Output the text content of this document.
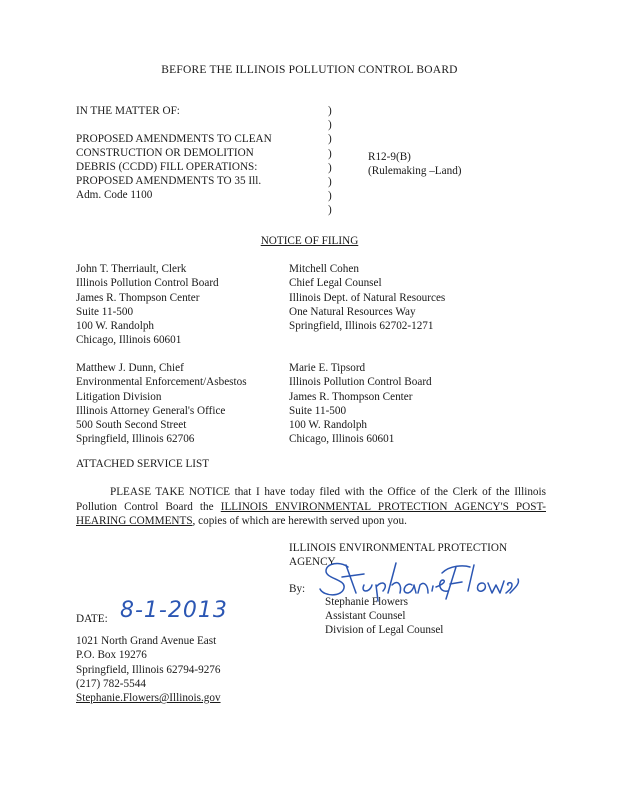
BEFORE THE ILLINOIS POLLUTION CONTROL BOARD
IN THE MATTER OF:
PROPOSED AMENDMENTS TO CLEAN
CONSTRUCTION OR DEMOLITION
DEBRIS (CCDD) FILL OPERATIONS:
PROPOSED AMENDMENTS TO 35 Ill.
Adm. Code 1100
)
)
)
)
)
)
)
)
R12-9(B)
(Rulemaking –Land)
NOTICE OF FILING
John T. Therriault, Clerk
Illinois Pollution Control Board
James R. Thompson Center
Suite 11-500
100 W. Randolph
Chicago, Illinois 60601
Mitchell Cohen
Chief Legal Counsel
Illinois Dept. of Natural Resources
One Natural Resources Way
Springfield, Illinois 62702-1271
Matthew J. Dunn, Chief
Environmental Enforcement/Asbestos
Litigation Division
Illinois Attorney General's Office
500 South Second Street
Springfield, Illinois 62706
Marie E. Tipsord
Illinois Pollution Control Board
James R. Thompson Center
Suite 11-500
100 W. Randolph
Chicago, Illinois 60601
ATTACHED SERVICE LIST
PLEASE TAKE NOTICE that I have today filed with the Office of the Clerk of the Illinois Pollution Control Board the ILLINOIS ENVIRONMENTAL PROTECTION AGENCY'S POST-HEARING COMMENTS, copies of which are herewith served upon you.
ILLINOIS ENVIRONMENTAL PROTECTION
AGENCY
By:
Stephanie Flowers
Assistant Counsel
Division of Legal Counsel
DATE: 8-1-2013
1021 North Grand Avenue East
P.O. Box 19276
Springfield, Illinois 62794-9276
(217) 782-5544
Stephanie.Flowers@Illinois.gov
